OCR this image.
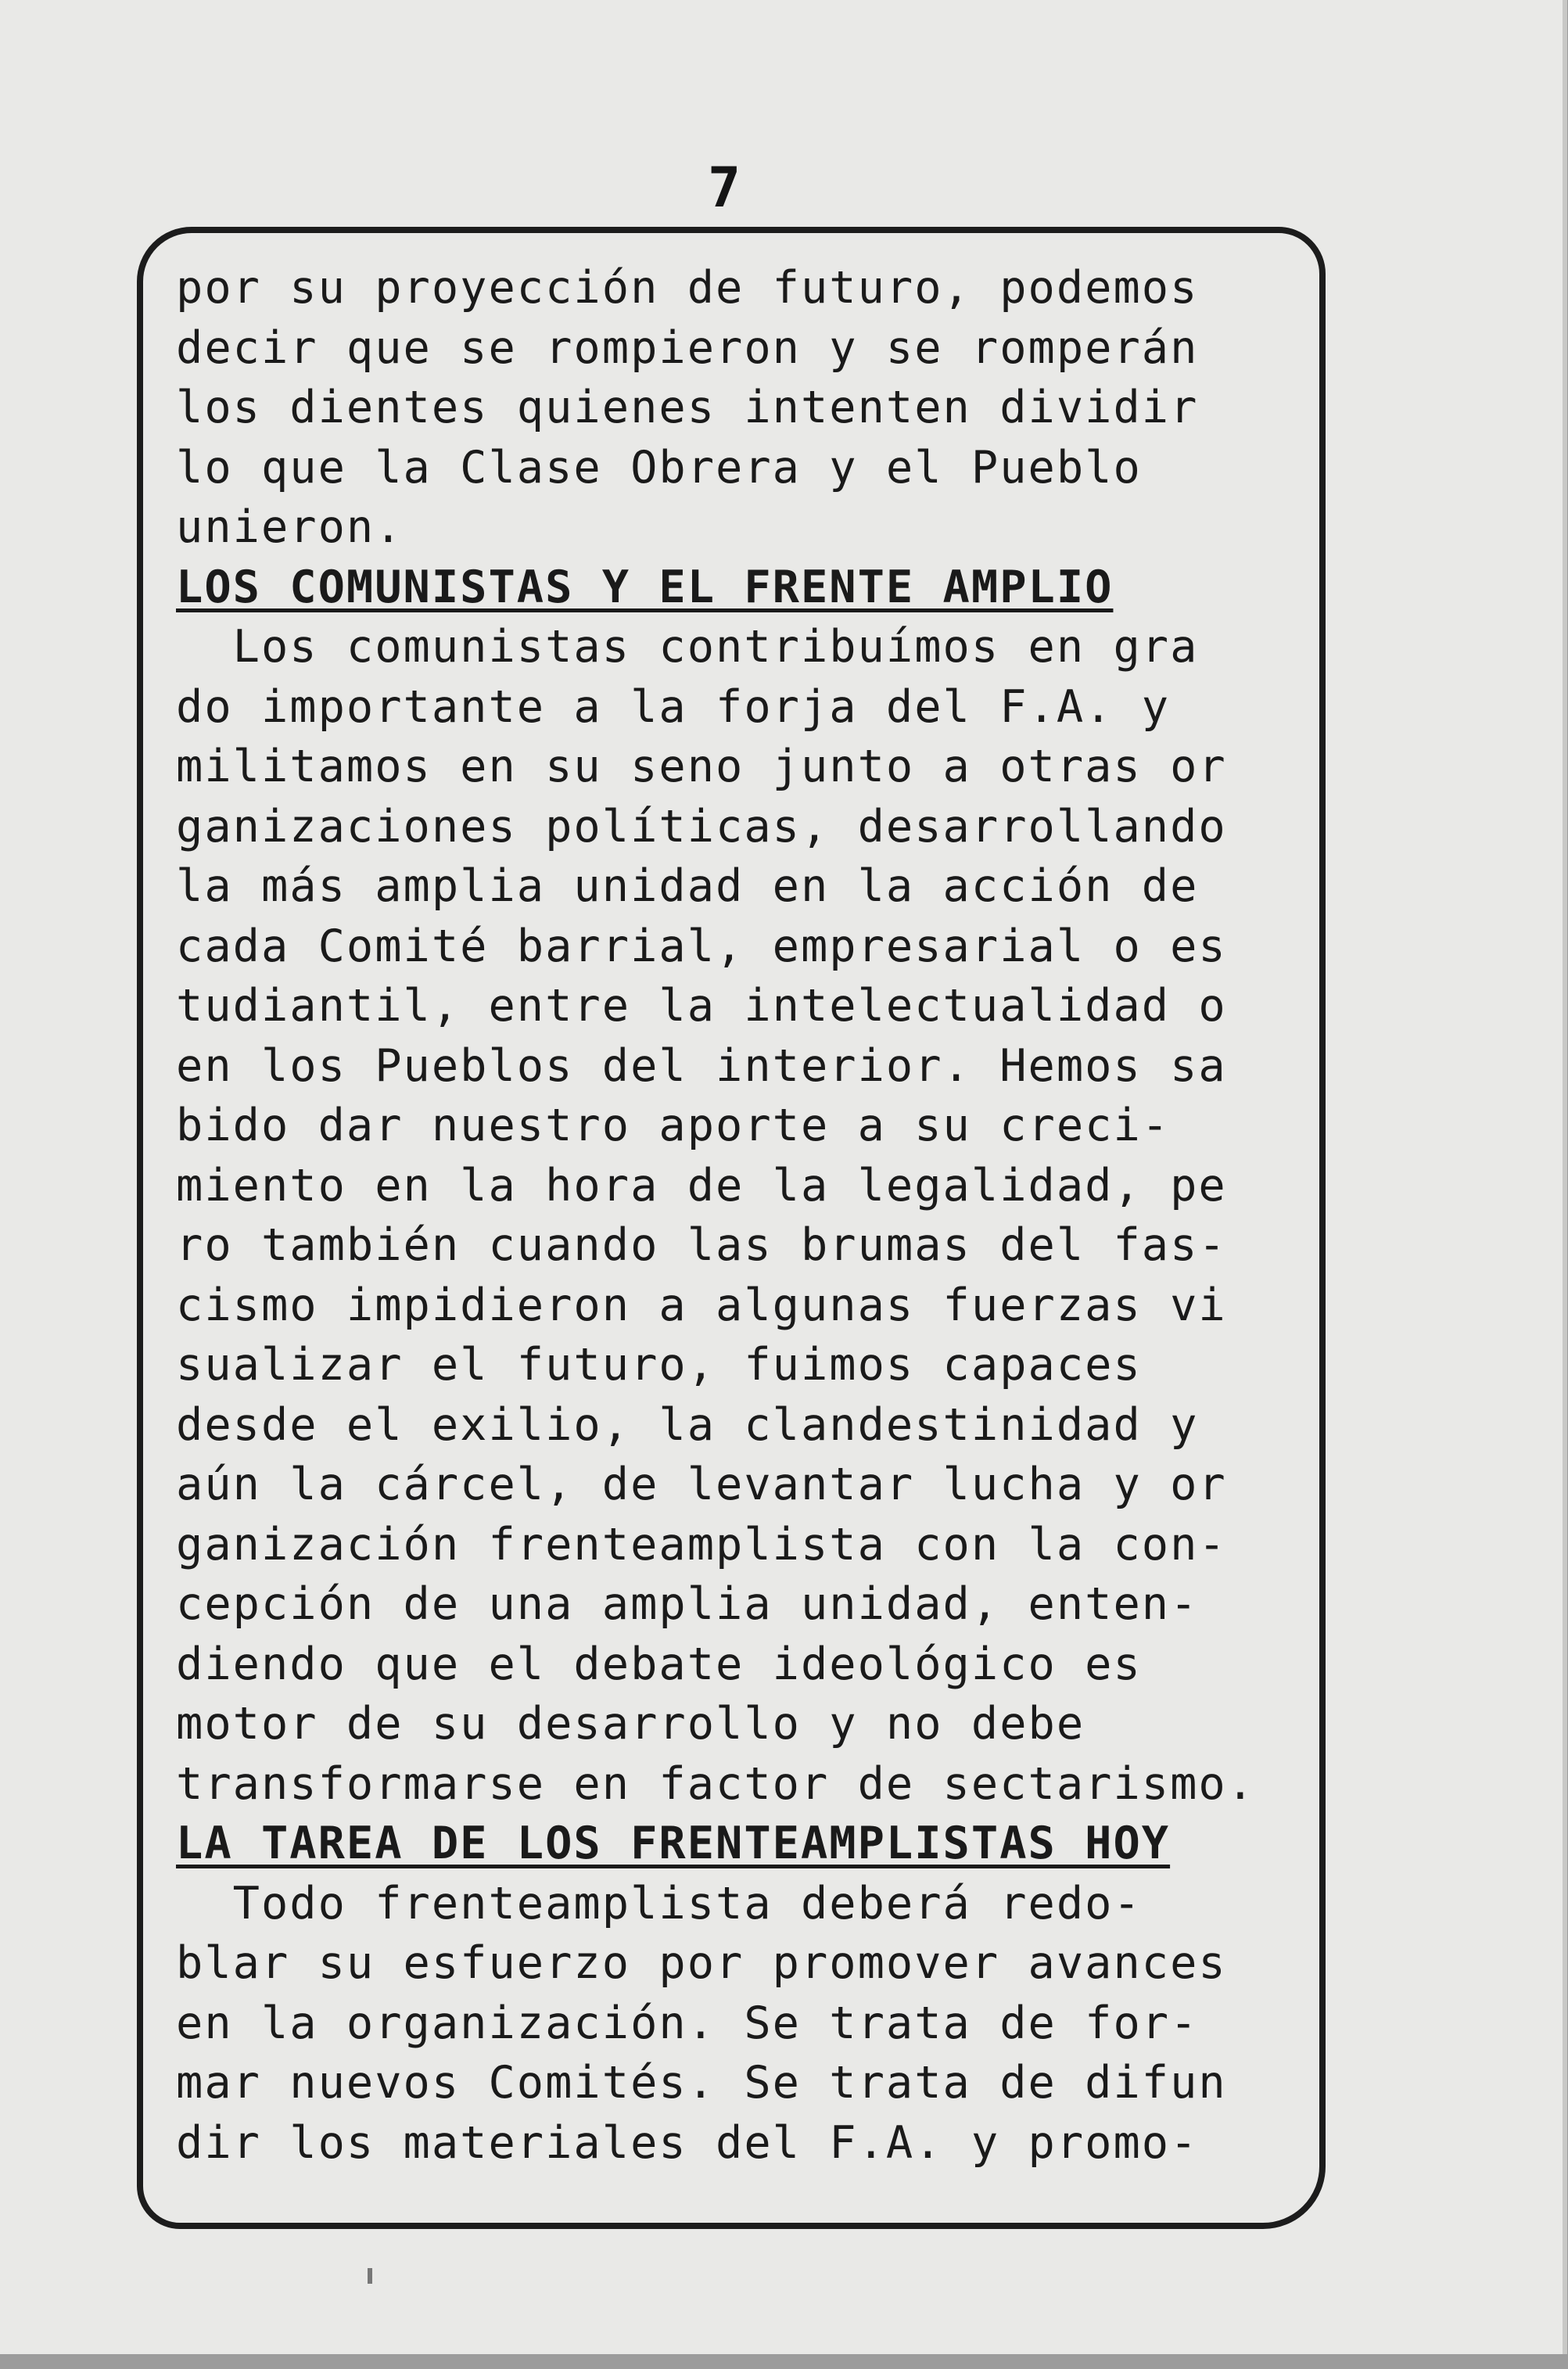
7
por su proyección de futuro, podemos
decir que se rompieron y se romperán
los dientes quienes intenten dividir
lo que la Clase Obrera y el Pueblo
unieron.
LOS COMUNISTAS Y EL FRENTE AMPLIO
Los comunistas contribuímos en gra
do importante a la forja del F.A. y
militamos en su seno junto a otras or
ganizaciones políticas, desarrollando
la más amplia unidad en la acción de
cada Comité barrial, empresarial o es
tudiantil, entre la intelectualidad o
en los Pueblos del interior. Hemos sa
bido dar nuestro aporte a su creci-
miento en la hora de la legalidad, pe
ro también cuando las brumas del fas-
cismo impidieron a algunas fuerzas vi
sualizar el futuro, fuimos capaces
desde el exilio, la clandestinidad y
aún la cárcel, de levantar lucha y or
ganización frenteamplista con la con-
cepción de una amplia unidad, enten-
diendo que el debate ideológico es
motor de su desarrollo y no debe
transformarse en factor de sectarismo.
LA TAREA DE LOS FRENTEAMPLISTAS HOY
Todo frenteamplista deberá redo-
blar su esfuerzo por promover avances
en la organización. Se trata de for-
mar nuevos Comités. Se trata de difun
dir los materiales del F.A. y promo-
